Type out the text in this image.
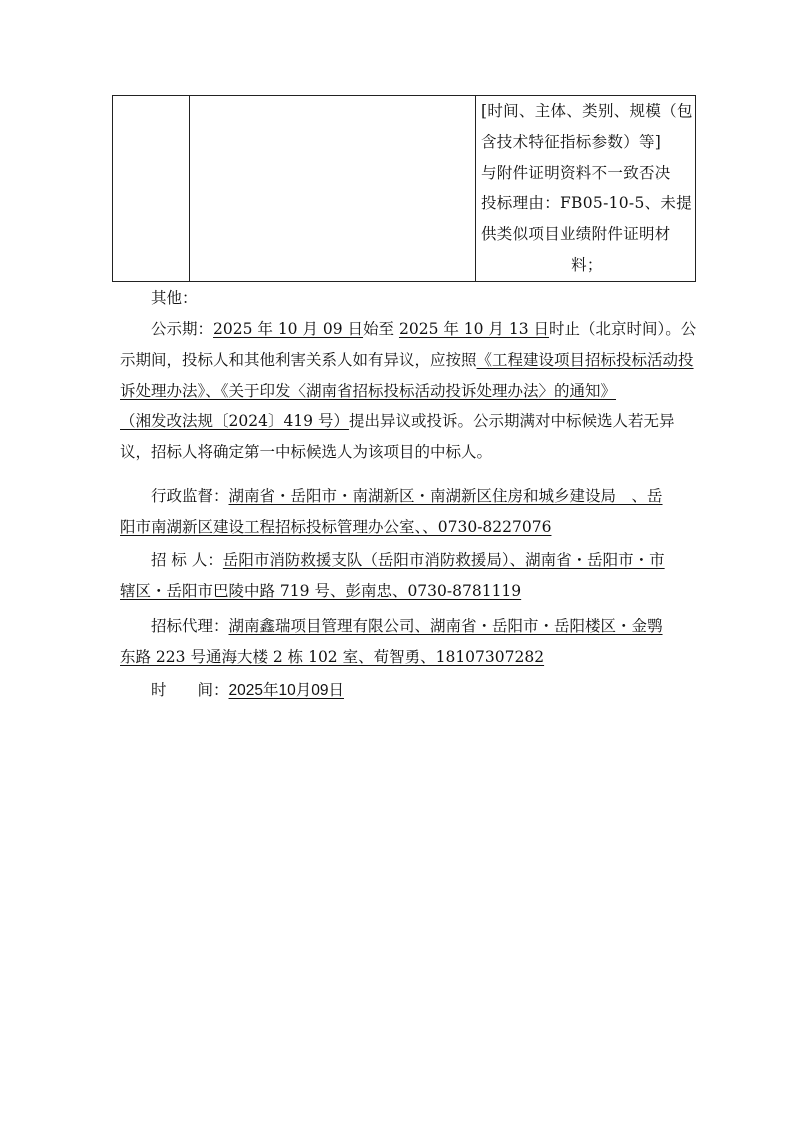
[时间、主体、类别、规模（包
含技术特征指标参数）等]
与附件证明资料不一致否决
投标理由：FB05-10-5、未提
供类似项目业绩附件证明材
料；
其他：
公示期：2025 年 10 月 09 日始至 2025 年 10 月 13 日时止（北京时间）。公
示期间，投标人和其他利害关系人如有异议，应按照《工程建设项目招标投标活动投
诉处理办法》、《关于印发〈湖南省招标投标活动投诉处理办法〉的通知》
（湘发改法规〔2024〕419 号）提出异议或投诉。公示期满对中标候选人若无异
议，招标人将确定第一中标候选人为该项目的中标人。
行政监督：湖南省・岳阳市・南湖新区・南湖新区住房和城乡建设局　、岳
阳市南湖新区建设工程招标投标管理办公室、、0730-8227076
招 标 人：岳阳市消防救援支队（岳阳市消防救援局）、湖南省・岳阳市・市
辖区・岳阳市巴陵中路 719 号、彭南忠、0730-8781119
招标代理：湖南鑫瑞项目管理有限公司、湖南省・岳阳市・岳阳楼区・金鹗
东路 223 号通海大楼 2 栋 102 室、荀智勇、18107307282
时　　间：2025年10月09日
